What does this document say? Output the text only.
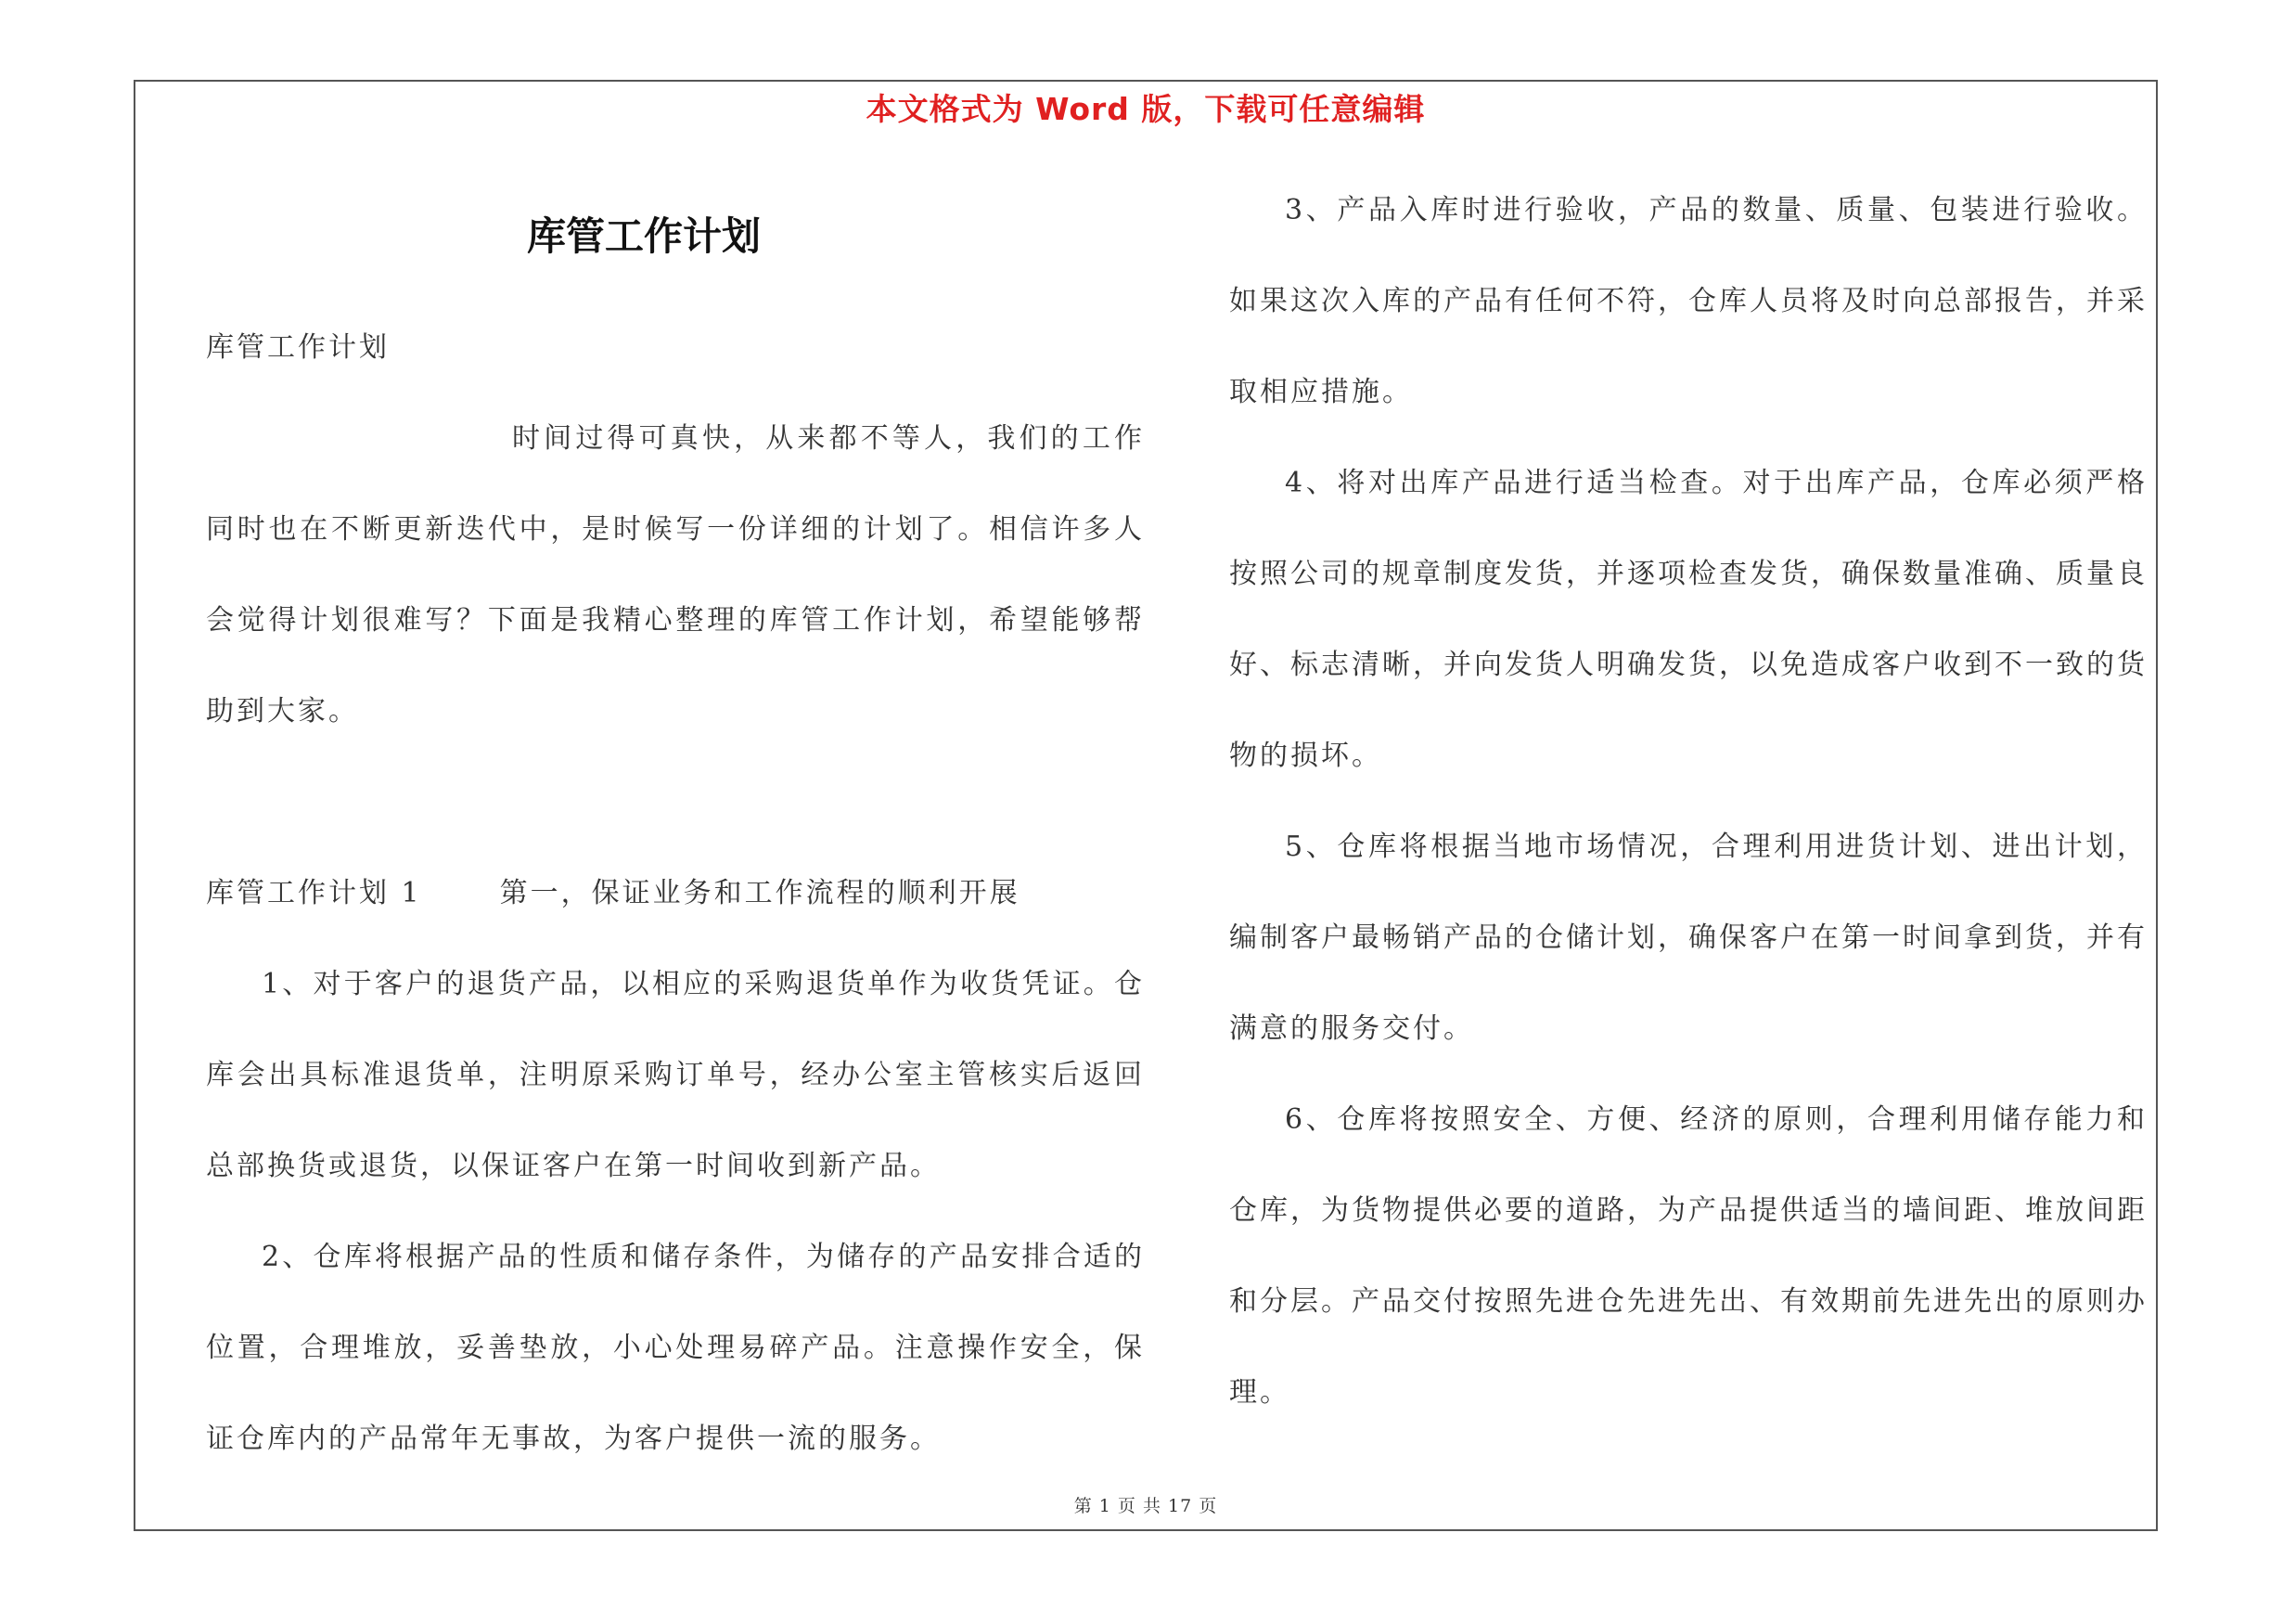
本文格式为 Word 版，下载可任意编辑
库管工作计划

库管工作计划

时间过得可真快，从来都不等人，我们的工作同时也在不断更新迭代中，是时候写一份详细的计划了。相信许多人会觉得计划很难写？下面是我精心整理的库管工作计划，希望能够帮助到大家。

库管工作计划 1	第一，保证业务和工作流程的顺利开展

1、对于客户的退货产品，以相应的采购退货单作为收货凭证。仓库会出具标准退货单，注明原采购订单号，经办公室主管核实后返回总部换货或退货，以保证客户在第一时间收到新产品。

2、仓库将根据产品的性质和储存条件，为储存的产品安排合适的位置，合理堆放，妥善垫放，小心处理易碎产品。注意操作安全，保证仓库内的产品常年无事故，为客户提供一流的服务。

3、产品入库时进行验收，产品的数量、质量、包装进行验收。如果这次入库的产品有任何不符，仓库人员将及时向总部报告，并采取相应措施。

4、将对出库产品进行适当检查。对于出库产品，仓库必须严格按照公司的规章制度发货，并逐项检查发货，确保数量准确、质量良好、标志清晰，并向发货人明确发货，以免造成客户收到不一致的货物的损坏。

5、仓库将根据当地市场情况，合理利用进货计划、进出计划，编制客户最畅销产品的仓储计划，确保客户在第一时间拿到货，并有满意的服务交付。

6、仓库将按照安全、方便、经济的原则，合理利用储存能力和仓库，为货物提供必要的道路，为产品提供适当的墙间距、堆放间距和分层。产品交付按照先进仓先进先出、有效期前先进先出的原则办理。

第 1 页 共 17 页
